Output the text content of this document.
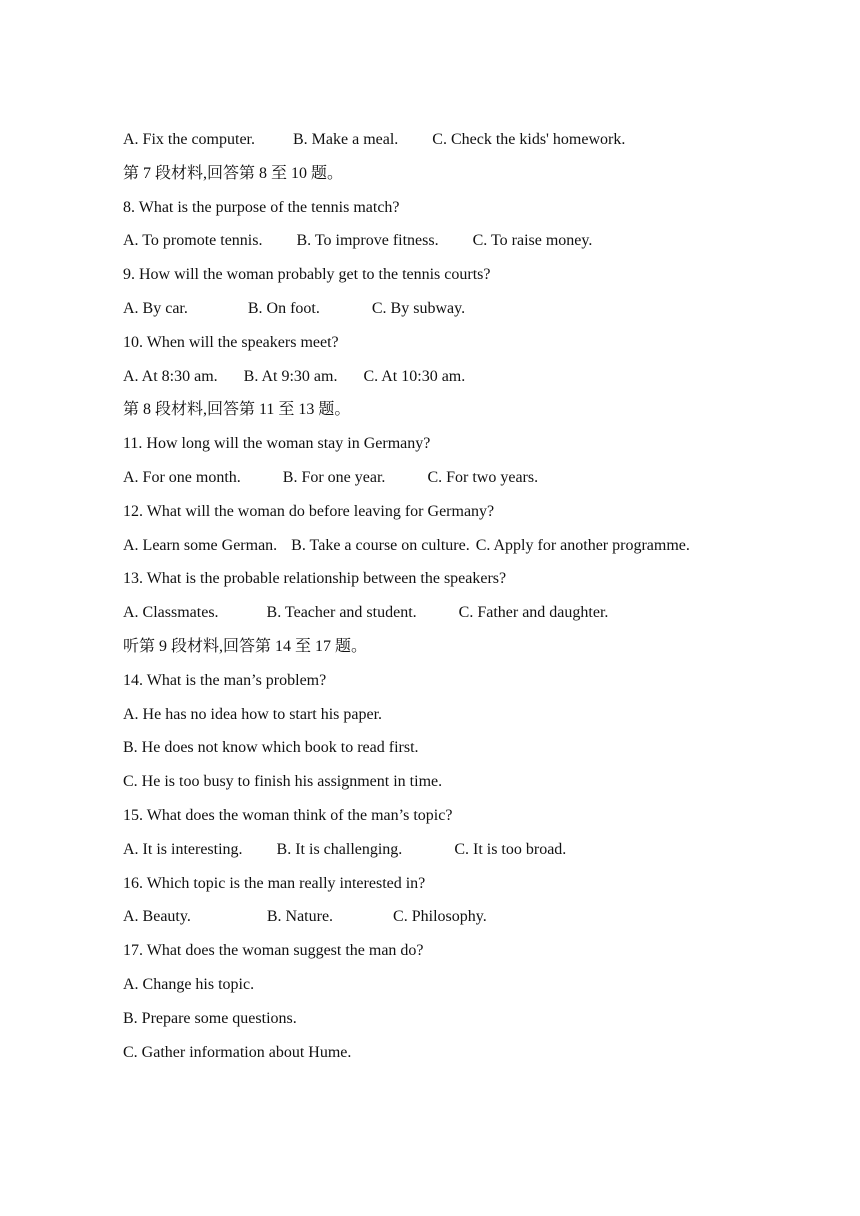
A. Fix the computer. B. Make a meal. C. Check the kids' homework.
第 7 段材料,回答第 8 至 10 题。
8. What is the purpose of the tennis match?
A. To promote tennis. B. To improve fitness. C. To raise money.
9. How will the woman probably get to the tennis courts?
A. By car.	B. On foot.	C. By subway.
10. When will the speakers meet?
A. At 8:30 am. B. At 9:30 am. C. At 10:30 am.
第 8 段材料,回答第 11 至 13 题。
11. How long will the woman stay in Germany?
A. For one month.	B. For one year.	C. For two years.
12. What will the woman do before leaving for Germany?
A. Learn some German. B. Take a course on culture. C. Apply for another programme.
13. What is the probable relationship between the speakers?
A. Classmates.	B. Teacher and student.	C. Father and daughter.
听第 9 段材料,回答第 14 至 17 题。
14. What is the man’s problem?
A. He has no idea how to start his paper.
B. He does not know which book to read first.
C. He is too busy to finish his assignment in time.
15. What does the woman think of the man’s topic?
A. It is interesting. B. It is challenging.	C. It is too broad.
16. Which topic is the man really interested in?
A. Beauty.	B. Nature.	C. Philosophy.
17. What does the woman suggest the man do?
A. Change his topic.
B. Prepare some questions.
C. Gather information about Hume.
